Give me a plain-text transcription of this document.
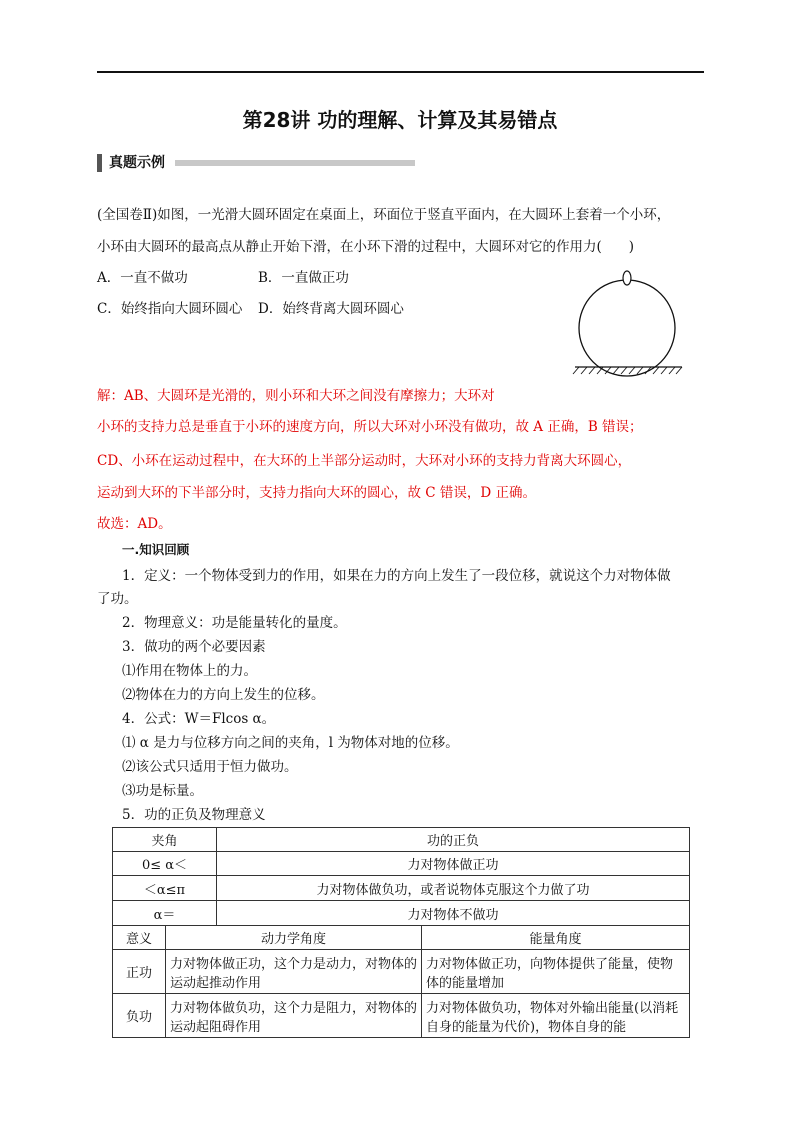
第28讲 功的理解、计算及其易错点
真题示例
(全国卷Ⅱ)如图，一光滑大圆环固定在桌面上，环面位于竖直平面内，在大圆环上套着一个小环，
小环由大圆环的最高点从静止开始下滑，在小环下滑的过程中，大圆环对它的作用力(　　)
A．一直不做功	B．一直做正功
C．始终指向大圆环圆心 D．始终背离大圆环圆心
解：AB、大圆环是光滑的，则小环和大环之间没有摩擦力；大环对
小环的支持力总是垂直于小环的速度方向，所以大环对小环没有做功，故 A 正确，B 错误；
CD、小环在运动过程中，在大环的上半部分运动时，大环对小环的支持力背离大环圆心，
运动到大环的下半部分时，支持力指向大环的圆心，故 C 错误，D 正确。
故选：AD。
一.知识回顾
1．定义：一个物体受到力的作用，如果在力的方向上发生了一段位移，就说这个力对物体做
了功。
2．物理意义：功是能量转化的量度。
3．做功的两个必要因素
⑴作用在物体上的力。
⑵物体在力的方向上发生的位移。
4．公式：W＝Flcos α。
⑴ α 是力与位移方向之间的夹角，l 为物体对地的位移。
⑵该公式只适用于恒力做功。
⑶功是标量。
5．功的正负及物理意义
夹角	功的正负
0≤ α＜	力对物体做正功
＜α≤π	力对物体做负功，或者说物体克服这个力做了功
α＝	力对物体不做功
意义	动力学角度	能量角度
正功	力对物体做正功，这个力是动力，对物体的运动起推动作用	力对物体做正功，向物体提供了能量，使物体的能量增加
负功	力对物体做负功，这个力是阻力，对物体的运动起阻碍作用	力对物体做负功，物体对外输出能量(以消耗自身的能量为代价)，物体自身的能
